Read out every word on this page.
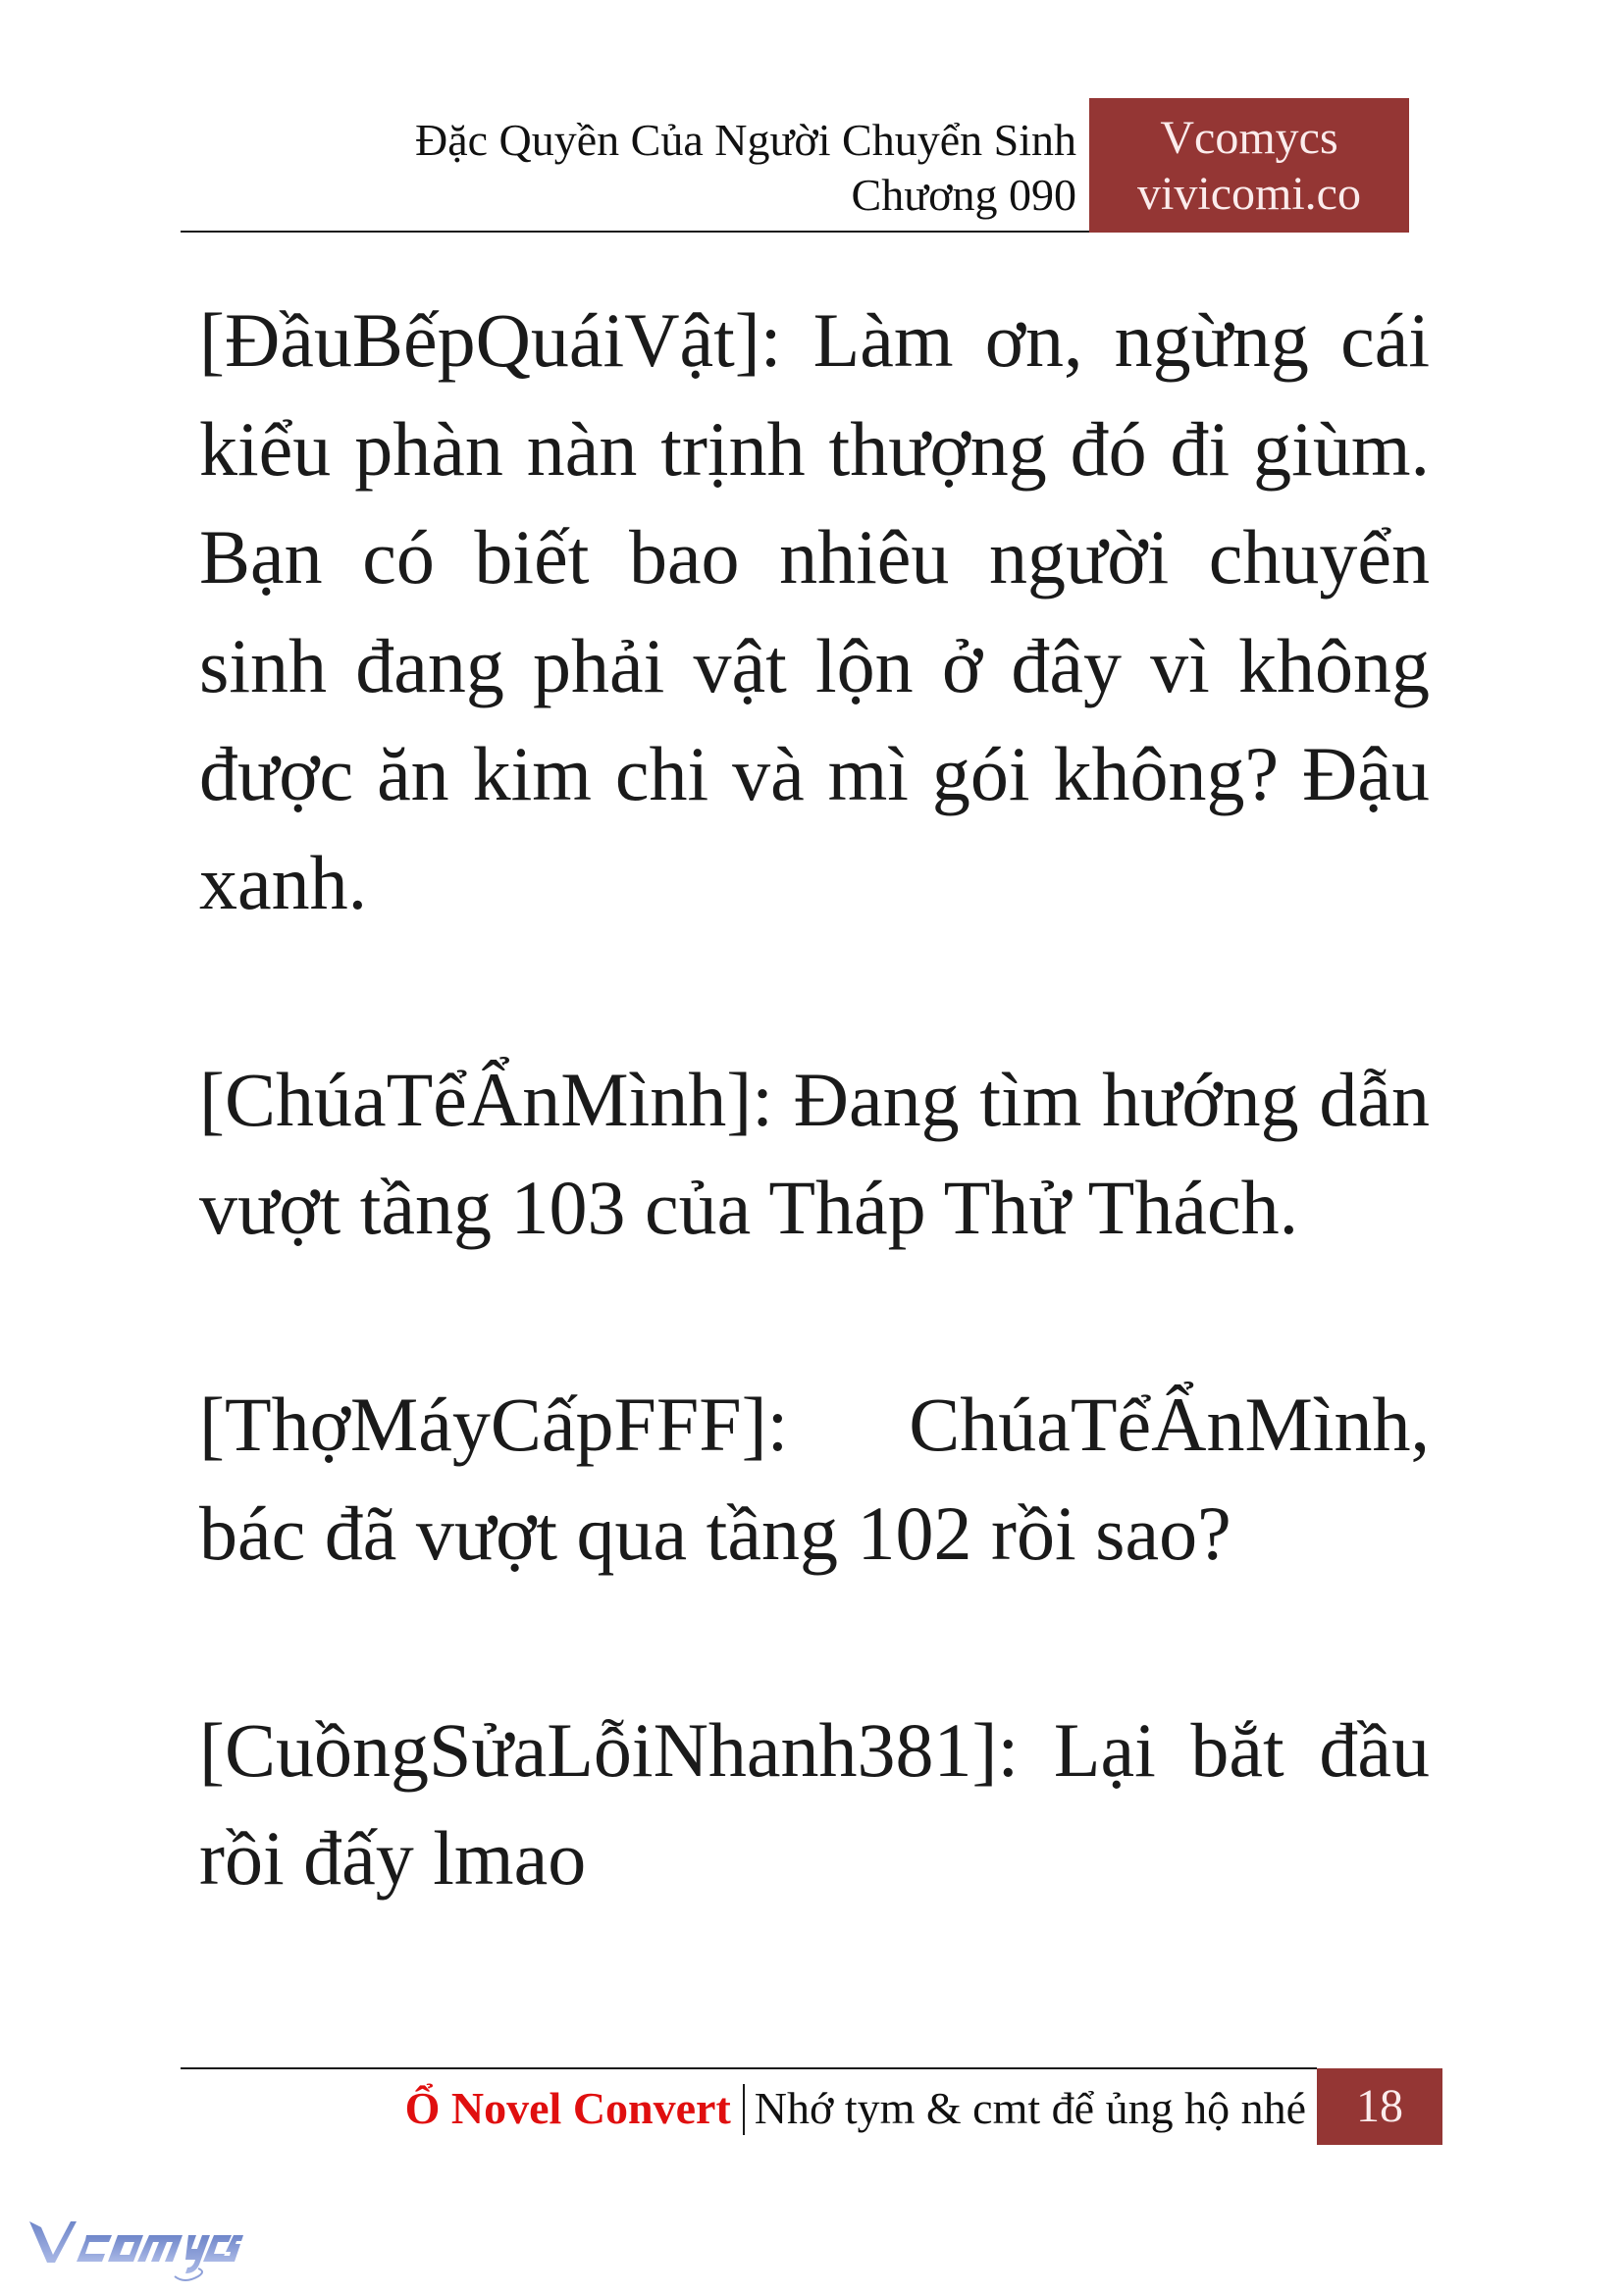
Đặc Quyền Của Người Chuyển Sinh
Chương 090
Vcomycs
vivicomi.co

[ĐầuBếpQuáiVật]: Làm ơn, ngừng cái kiểu phàn nàn trịnh thượng đó đi giùm. Bạn có biết bao nhiêu người chuyển sinh đang phải vật lộn ở đây vì không được ăn kim chi và mì gói không? Đậu xanh.

[ChúaTểẨnMình]: Đang tìm hướng dẫn vượt tầng 103 của Tháp Thử Thách.

[ThợMáyCấpFFF]: ChúaTểẨnMình, bác đã vượt qua tầng 102 rồi sao?

[CuồngSửaLỗiNhanh381]: Lại bắt đầu rồi đấy lmao

Ổ Novel Convert Nhớ tym & cmt để ủng hộ nhé	18
